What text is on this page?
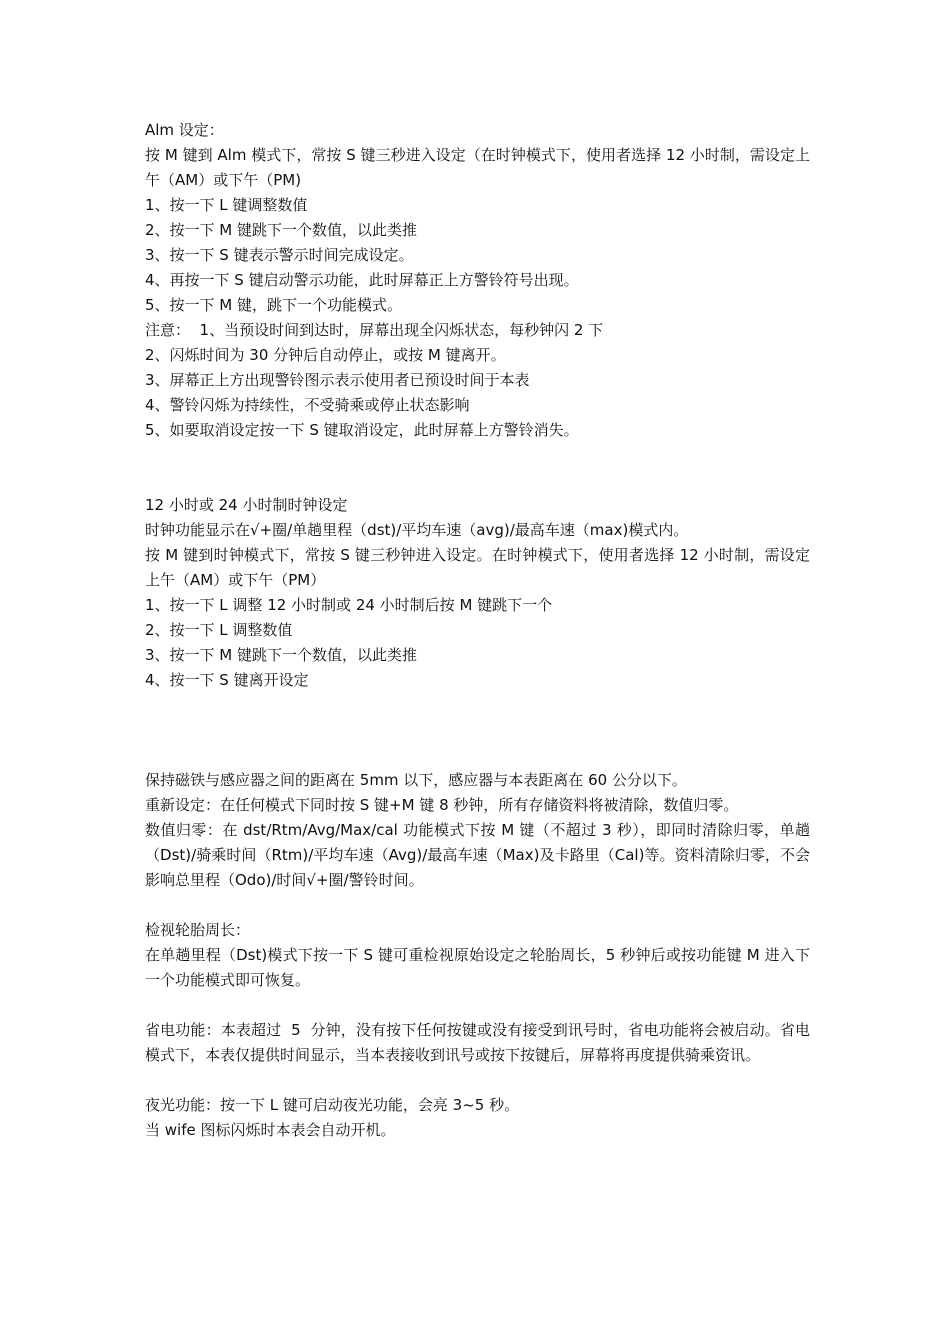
Alm 设定：
按 M 键到 Alm 模式下，常按 S 键三秒进入设定（在时钟模式下，使用者选择 12 小时制，需设定上午（AM）或下午（PM)
1、按一下 L 键调整数值
2、按一下 M 键跳下一个数值，以此类推
3、按一下 S 键表示警示时间完成设定。
4、再按一下 S 键启动警示功能，此时屏幕正上方警铃符号出现。
5、按一下 M 键，跳下一个功能模式。
注意：  1、当预设时间到达时，屏幕出现全闪烁状态，每秒钟闪 2 下
2、闪烁时间为 30 分钟后自动停止，或按 M 键离开。
3、屏幕正上方出现警铃图示表示使用者已预设时间于本表
4、警铃闪烁为持续性，不受骑乘或停止状态影响
5、如要取消设定按一下 S 键取消设定，此时屏幕上方警铃消失。
12 小时或 24 小时制时钟设定
时钟功能显示在√+圈/单趟里程（dst)/平均车速（avg)/最高车速（max)模式内。
按 M 键到时钟模式下，常按 S 键三秒钟进入设定。在时钟模式下，使用者选择 12 小时制，需设定上午（AM）或下午（PM）
1、按一下 L 调整 12 小时制或 24 小时制后按 M 键跳下一个
2、按一下 L 调整数值
3、按一下 M 键跳下一个数值，以此类推
4、按一下 S 键离开设定
保持磁铁与感应器之间的距离在 5mm 以下，感应器与本表距离在 60 公分以下。
重新设定：在任何模式下同时按 S 键+M 键 8 秒钟，所有存储资料将被清除，数值归零。
数值归零：在 dst/Rtm/Avg/Max/cal 功能模式下按 M 键（不超过 3 秒），即同时清除归零，单趟（Dst)/骑乘时间（Rtm)/平均车速（Avg)/最高车速（Max)及卡路里（Cal)等。资料清除归零，不会影响总里程（Odo)/时间√+圈/警铃时间。
检视轮胎周长：
在单趟里程（Dst)模式下按一下 S 键可重检视原始设定之轮胎周长，5 秒钟后或按功能键 M 进入下一个功能模式即可恢复。
省电功能：本表超过  5  分钟，没有按下任何按键或没有接受到讯号时，省电功能将会被启动。省电模式下，本表仅提供时间显示，当本表接收到讯号或按下按键后，屏幕将再度提供骑乘资讯。
夜光功能：按一下 L 键可启动夜光功能，会亮 3~5 秒。
当 wife 图标闪烁时本表会自动开机。
